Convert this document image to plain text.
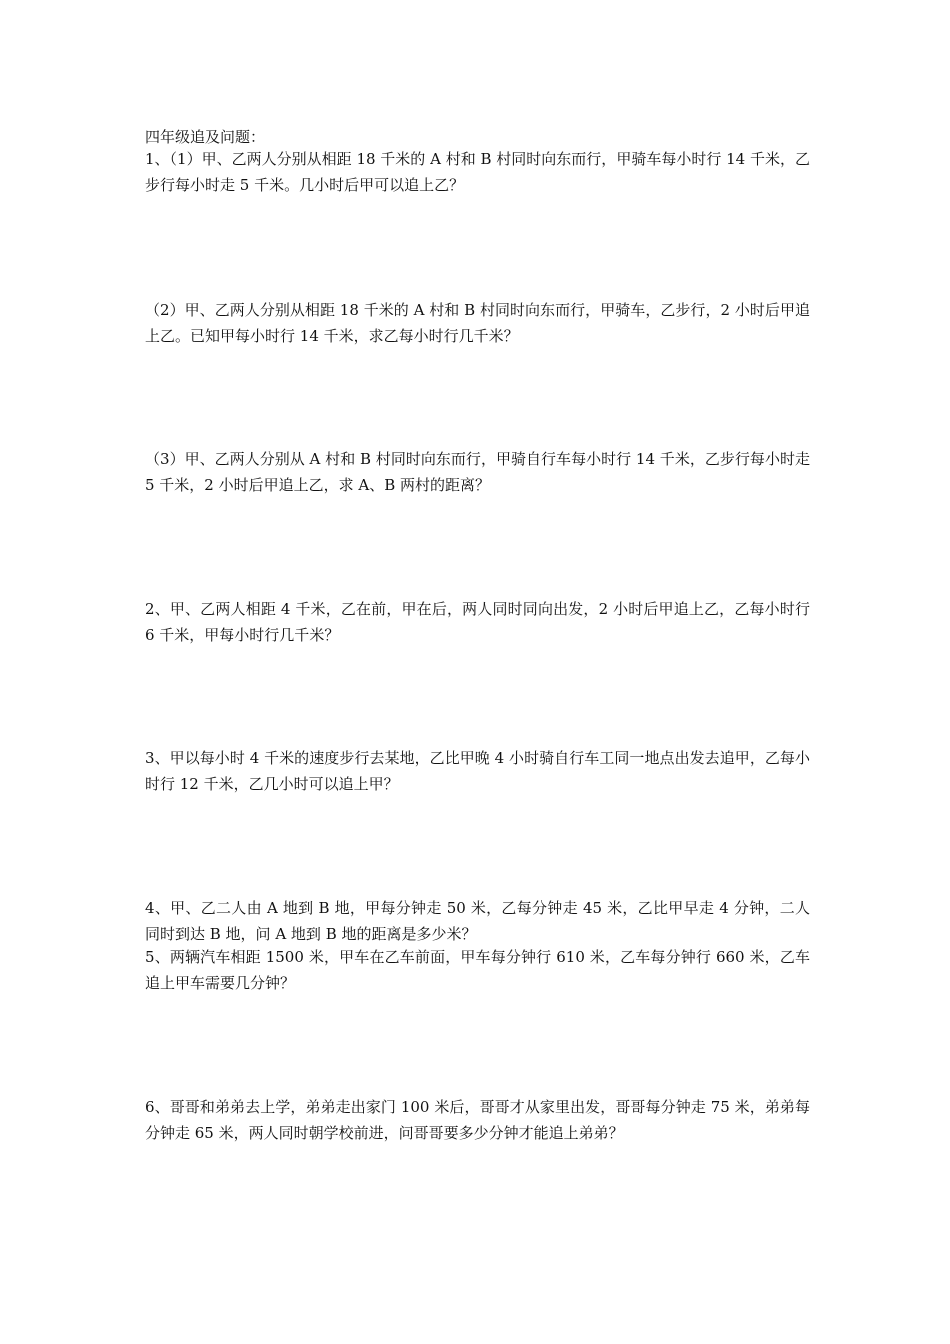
四年级追及问题：
1、（1）甲、乙两人分别从相距 18 千米的 A 村和 B 村同时向东而行，甲骑车每小时行 14 千米，乙步行每小时走 5 千米。几小时后甲可以追上乙？
（2）甲、乙两人分别从相距 18 千米的 A 村和 B 村同时向东而行，甲骑车，乙步行，2 小时后甲追上乙。已知甲每小时行 14 千米，求乙每小时行几千米？
（3）甲、乙两人分别从 A 村和 B 村同时向东而行，甲骑自行车每小时行 14 千米，乙步行每小时走 5 千米，2 小时后甲追上乙，求 A、B 两村的距离？
2、甲、乙两人相距 4 千米，乙在前，甲在后，两人同时同向出发，2 小时后甲追上乙，乙每小时行 6 千米，甲每小时行几千米？
3、甲以每小时 4 千米的速度步行去某地，乙比甲晚 4 小时骑自行车工同一地点出发去追甲，乙每小时行 12 千米，乙几小时可以追上甲？
4、甲、乙二人由 A 地到 B 地，甲每分钟走 50 米，乙每分钟走 45 米，乙比甲早走 4 分钟，二人同时到达 B 地，问 A 地到 B 地的距离是多少米？
5、两辆汽车相距 1500 米，甲车在乙车前面，甲车每分钟行 610 米，乙车每分钟行 660 米，乙车追上甲车需要几分钟？
6、哥哥和弟弟去上学，弟弟走出家门 100 米后，哥哥才从家里出发，哥哥每分钟走 75 米，弟弟每分钟走 65 米，两人同时朝学校前进，问哥哥要多少分钟才能追上弟弟？
